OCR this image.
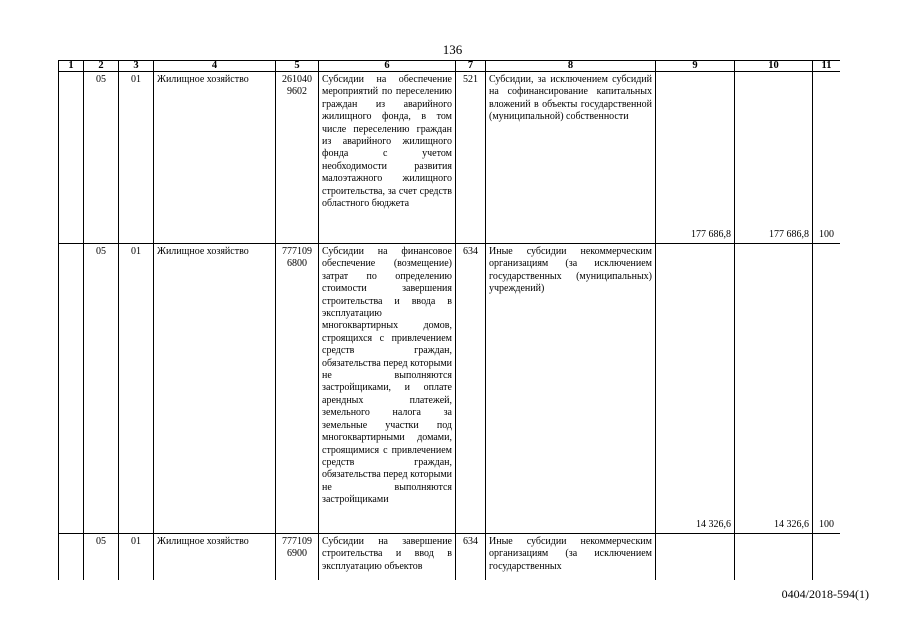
136
1	2	3	4	5	6	7	8	9	10	11
	05	01	Жилищное хозяйство	261040 9602	Субсидии на обеспечение мероприятий по переселению граждан из аварийного жилищного фонда, в том числе переселению граждан из аварийного жилищного фонда с учетом необходимости развития малоэтажного жилищного строительства, за счет средств областного бюджета	521	Субсидии, за исключением субсидий на софинансирование капитальных вложений в объекты государственной (муниципальной) собственности	177 686,8	177 686,8	100
	05	01	Жилищное хозяйство	777109 6800	Субсидии на финансовое обеспечение (возмещение) затрат по определению стоимости завершения строительства и ввода в эксплуатацию многоквартирных домов, строящихся с привлечением средств граждан, обязательства перед которыми не выполняются застройщиками, и оплате арендных платежей, земельного налога за земельные участки под многоквартирными домами, строящимися с привлечением средств граждан, обязательства перед которыми не выполняются застройщиками	634	Иные субсидии некоммерческим организациям (за исключением государственных (муниципальных) учреждений)	14 326,6	14 326,6	100
	05	01	Жилищное хозяйство	777109 6900	Субсидии на завершение строительства и ввод в эксплуатацию объектов	634	Иные субсидии некоммерческим организациям (за исключением государственных			
0404/2018-594(1)
